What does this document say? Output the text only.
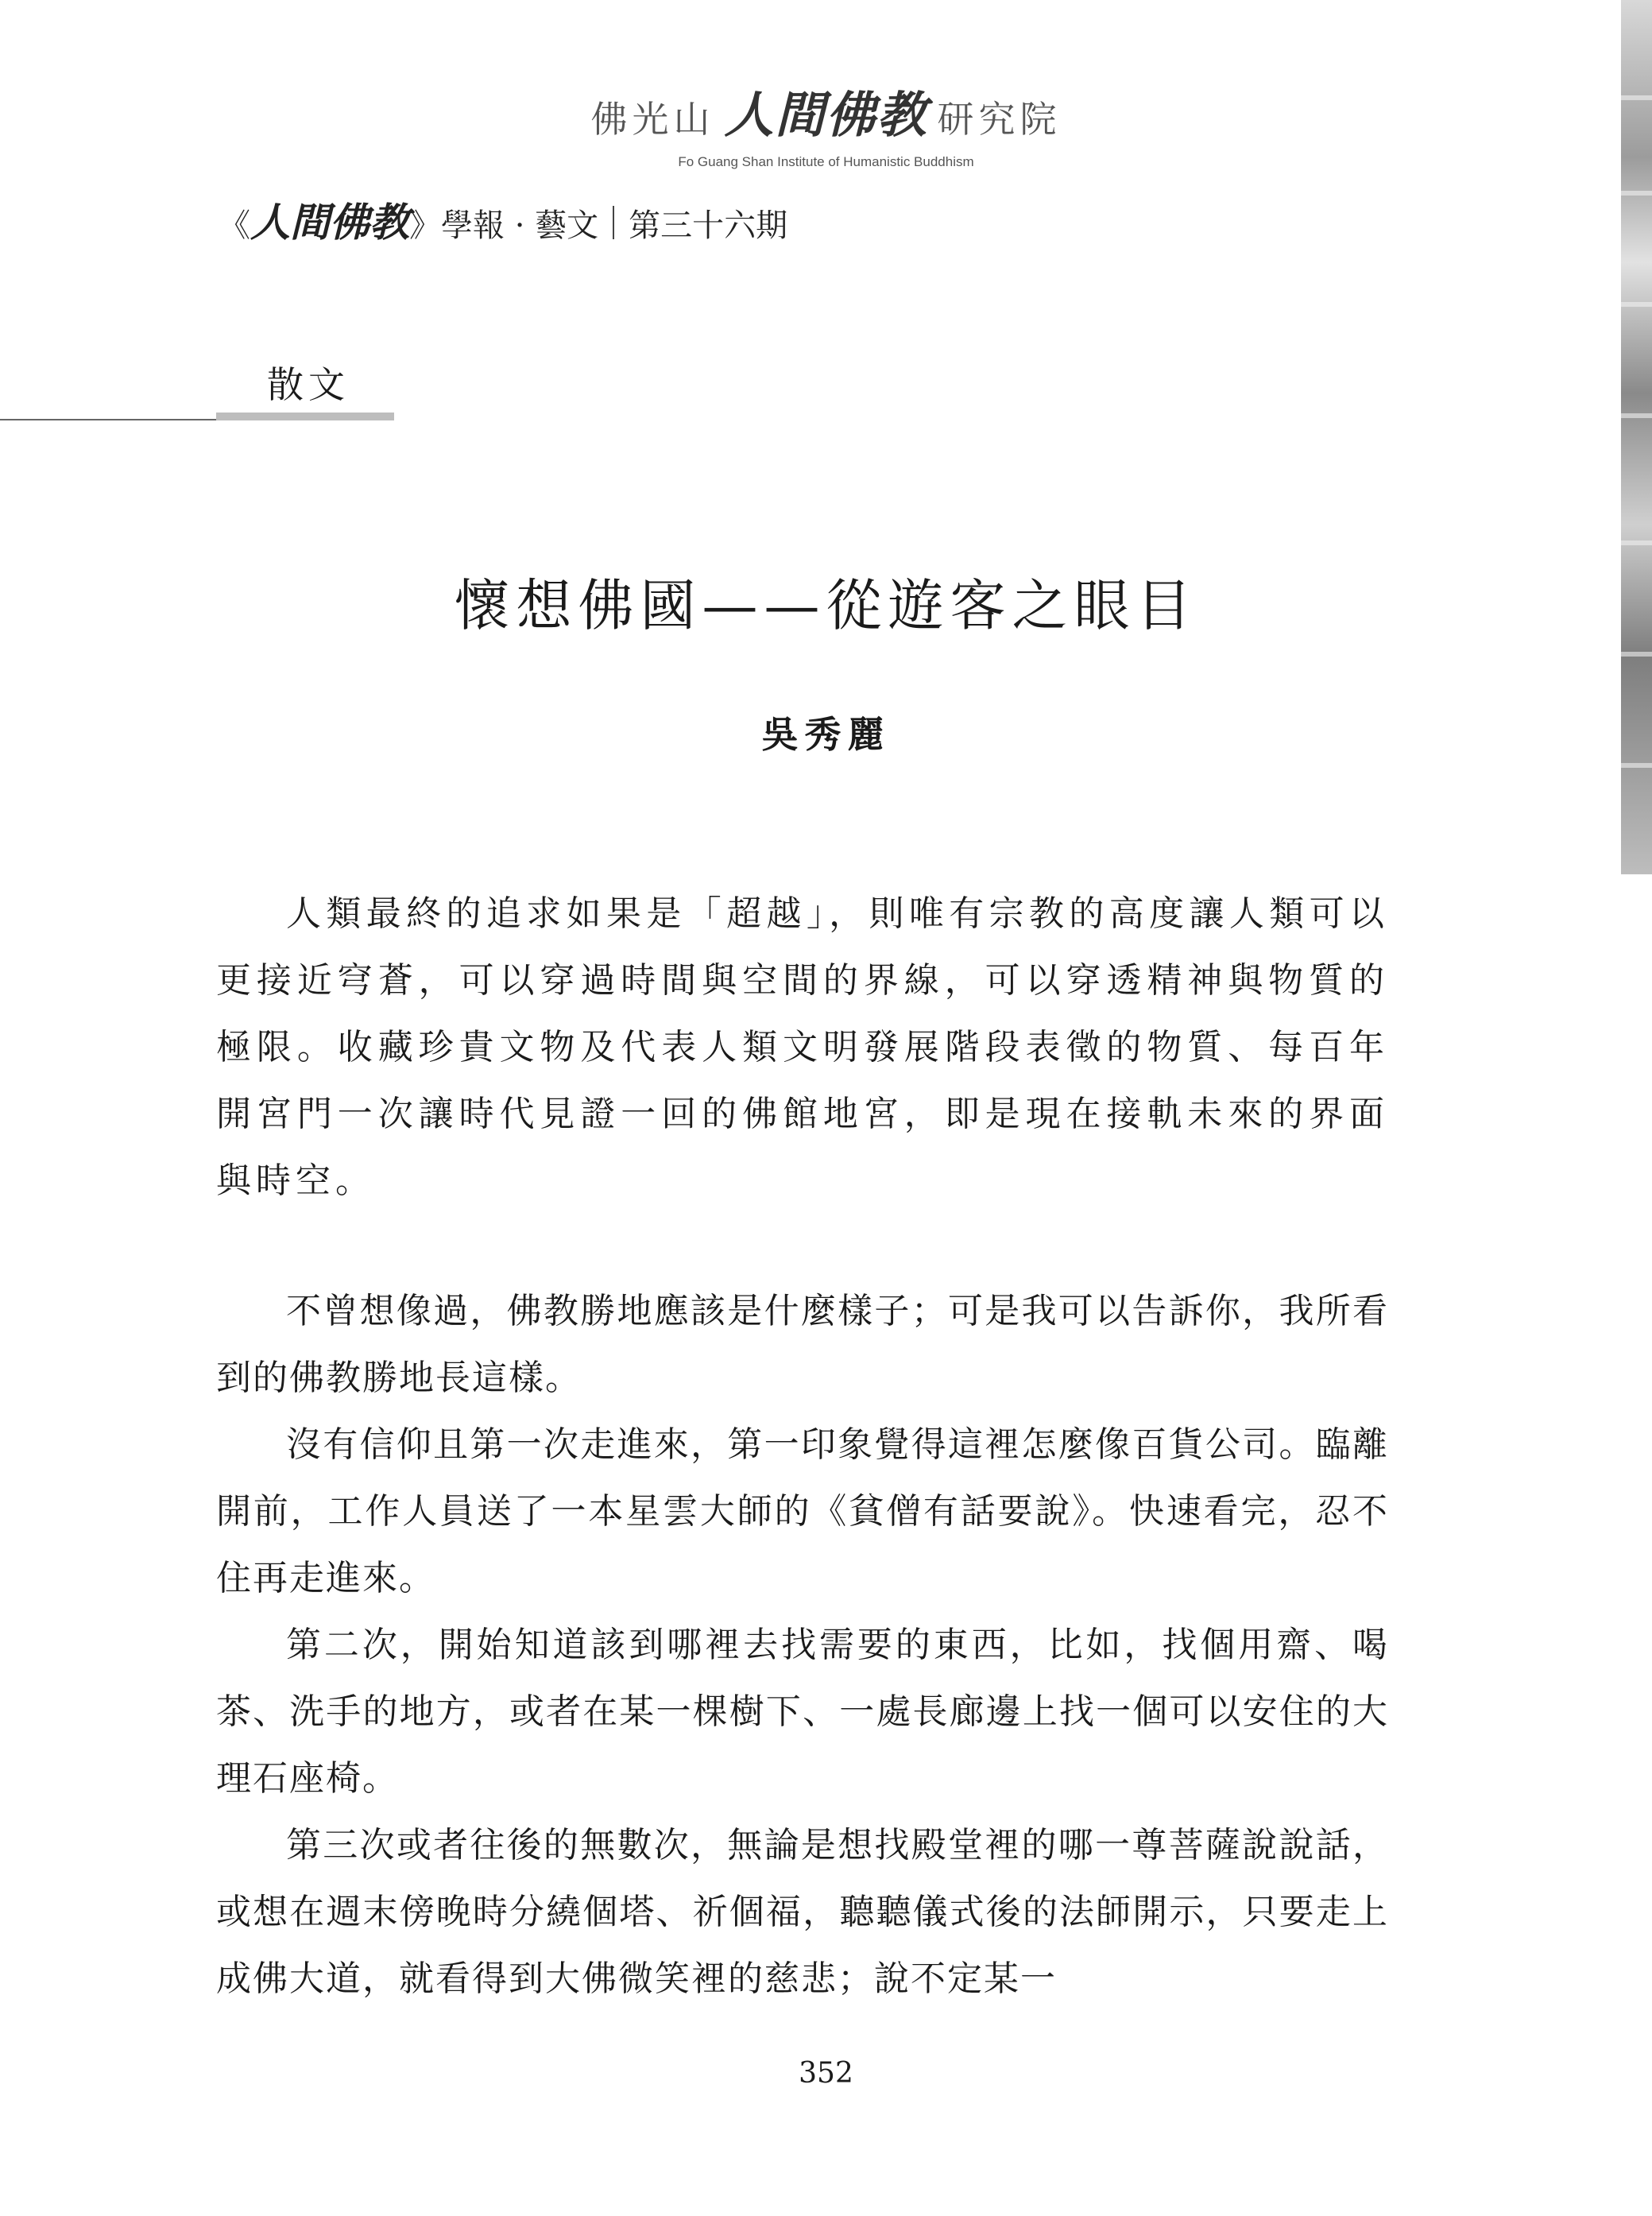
佛光山 人間佛教 研究院
Fo Guang Shan Institute of Humanistic Buddhism
《 人間佛教 》 學報 · 藝文 第三十六期
散文
懷想佛國——從遊客之眼目
吳秀麗

人類最終的追求如果是「超越」，則唯有宗教的高度讓人類可以更接近穹蒼，可以穿過時間與空間的界線，可以穿透精神與物質的極限。收藏珍貴文物及代表人類文明發展階段表徵的物質、每百年開宮門一次讓時代見證一回的佛館地宮，即是現在接軌未來的界面與時空。

不曾想像過，佛教勝地應該是什麼樣子；可是我可以告訴你，我所看到的佛教勝地長這樣。

沒有信仰且第一次走進來，第一印象覺得這裡怎麼像百貨公司。臨離開前，工作人員送了一本星雲大師的《貧僧有話要說》。快速看完，忍不住再走進來。

第二次，開始知道該到哪裡去找需要的東西，比如，找個用齋、喝茶、洗手的地方，或者在某一棵樹下、一處長廊邊上找一個可以安住的大理石座椅。

第三次或者往後的無數次，無論是想找殿堂裡的哪一尊菩薩說說話，或想在週末傍晚時分繞個塔、祈個福，聽聽儀式後的法師開示，只要走上成佛大道，就看得到大佛微笑裡的慈悲；說不定某一

352
